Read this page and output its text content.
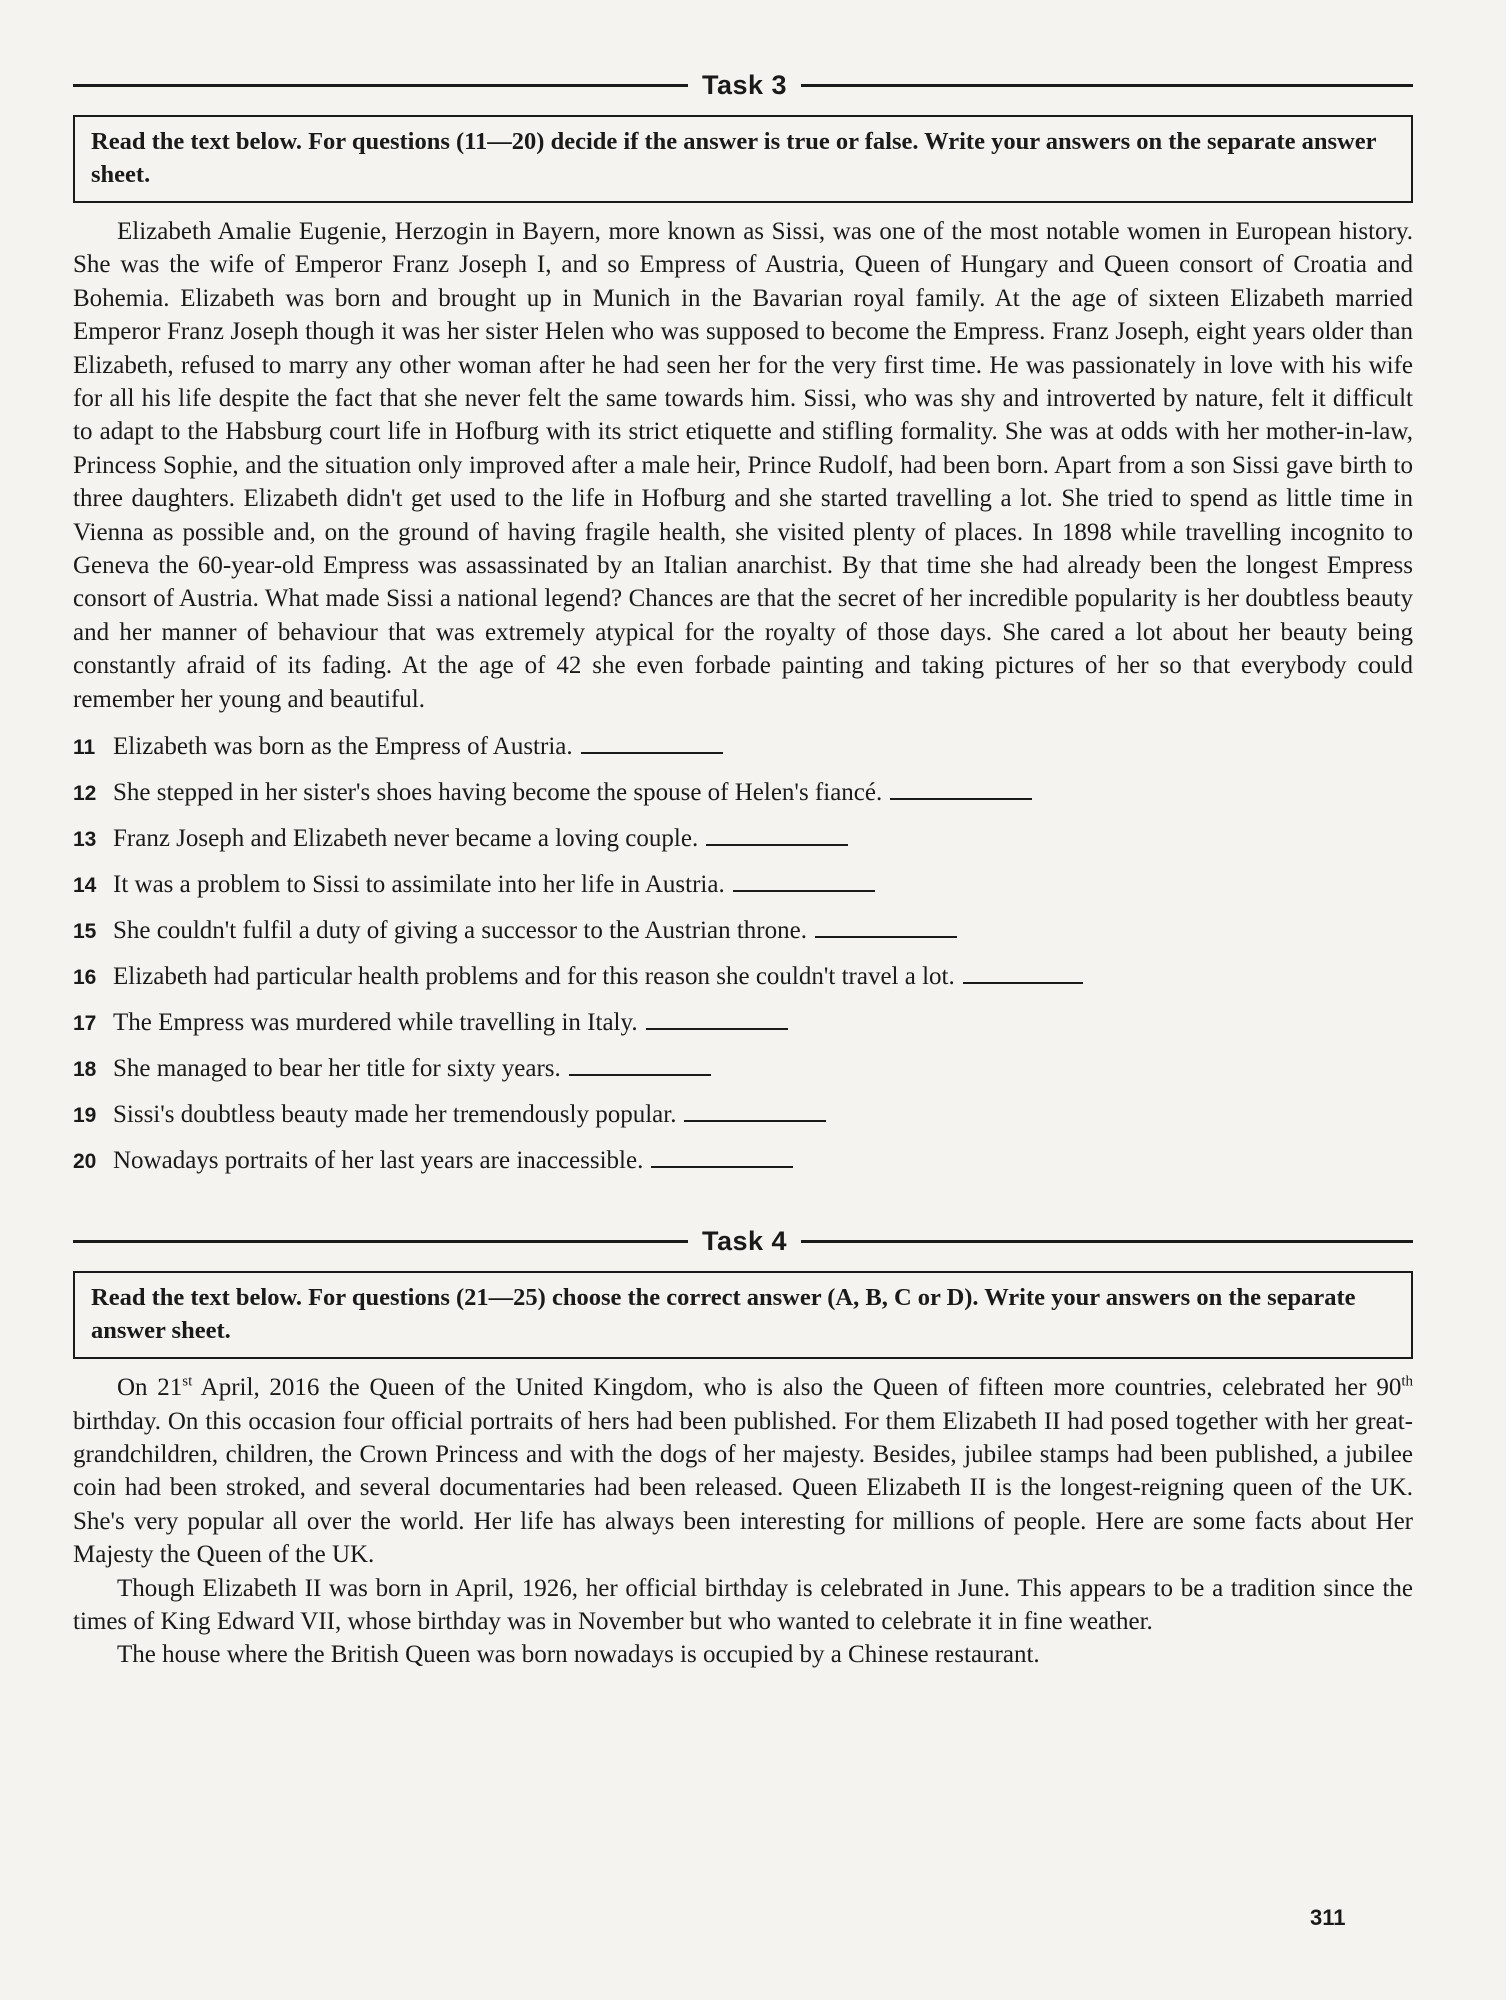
Task 3
Read the text below. For questions (11—20) decide if the answer is true or false. Write your answers on the separate answer sheet.

Elizabeth Amalie Eugenie, Herzogin in Bayern, more known as Sissi, was one of the most notable women in European history. She was the wife of Emperor Franz Joseph I, and so Empress of Austria, Queen of Hungary and Queen consort of Croatia and Bohemia. Elizabeth was born and brought up in Munich in the Bavarian royal family. At the age of sixteen Elizabeth married Emperor Franz Joseph though it was her sister Helen who was supposed to become the Empress. Franz Joseph, eight years older than Elizabeth, refused to marry any other woman after he had seen her for the very first time. He was passionately in love with his wife for all his life despite the fact that she never felt the same towards him. Sissi, who was shy and introverted by nature, felt it difficult to adapt to the Habsburg court life in Hofburg with its strict etiquette and stifling formality. She was at odds with her mother-in-law, Princess Sophie, and the situation only improved after a male heir, Prince Rudolf, had been born. Apart from a son Sissi gave birth to three daughters. Elizabeth didn't get used to the life in Hofburg and she started travelling a lot. She tried to spend as little time in Vienna as possible and, on the ground of having fragile health, she visited plenty of places. In 1898 while travelling incognito to Geneva the 60-year-old Empress was assassinated by an Italian anarchist. By that time she had already been the longest Empress consort of Austria. What made Sissi a national legend? Chances are that the secret of her incredible popularity is her doubtless beauty and her manner of behaviour that was extremely atypical for the royalty of those days. She cared a lot about her beauty being constantly afraid of its fading. At the age of 42 she even forbade painting and taking pictures of her so that everybody could remember her young and beautiful.

11 Elizabeth was born as the Empress of Austria.
12 She stepped in her sister's shoes having become the spouse of Helen's fiancé.
13 Franz Joseph and Elizabeth never became a loving couple.
14 It was a problem to Sissi to assimilate into her life in Austria.
15 She couldn't fulfil a duty of giving a successor to the Austrian throne.
16 Elizabeth had particular health problems and for this reason she couldn't travel a lot.
17 The Empress was murdered while travelling in Italy.
18 She managed to bear her title for sixty years.
19 Sissi's doubtless beauty made her tremendously popular.
20 Nowadays portraits of her last years are inaccessible.
Task 4
Read the text below. For questions (21—25) choose the correct answer (A, B, C or D). Write your answers on the separate answer sheet.

On 21st April, 2016 the Queen of the United Kingdom, who is also the Queen of fifteen more countries, celebrated her 90th birthday. On this occasion four official portraits of hers had been published. For them Elizabeth II had posed together with her great-grandchildren, children, the Crown Princess and with the dogs of her majesty. Besides, jubilee stamps had been published, a jubilee coin had been stroked, and several documentaries had been released. Queen Elizabeth II is the longest-reigning queen of the UK. She's very popular all over the world. Her life has always been interesting for millions of people. Here are some facts about Her Majesty the Queen of the UK.

Though Elizabeth II was born in April, 1926, her official birthday is celebrated in June. This appears to be a tradition since the times of King Edward VII, whose birthday was in November but who wanted to celebrate it in fine weather.

The house where the British Queen was born nowadays is occupied by a Chinese restaurant.

311
